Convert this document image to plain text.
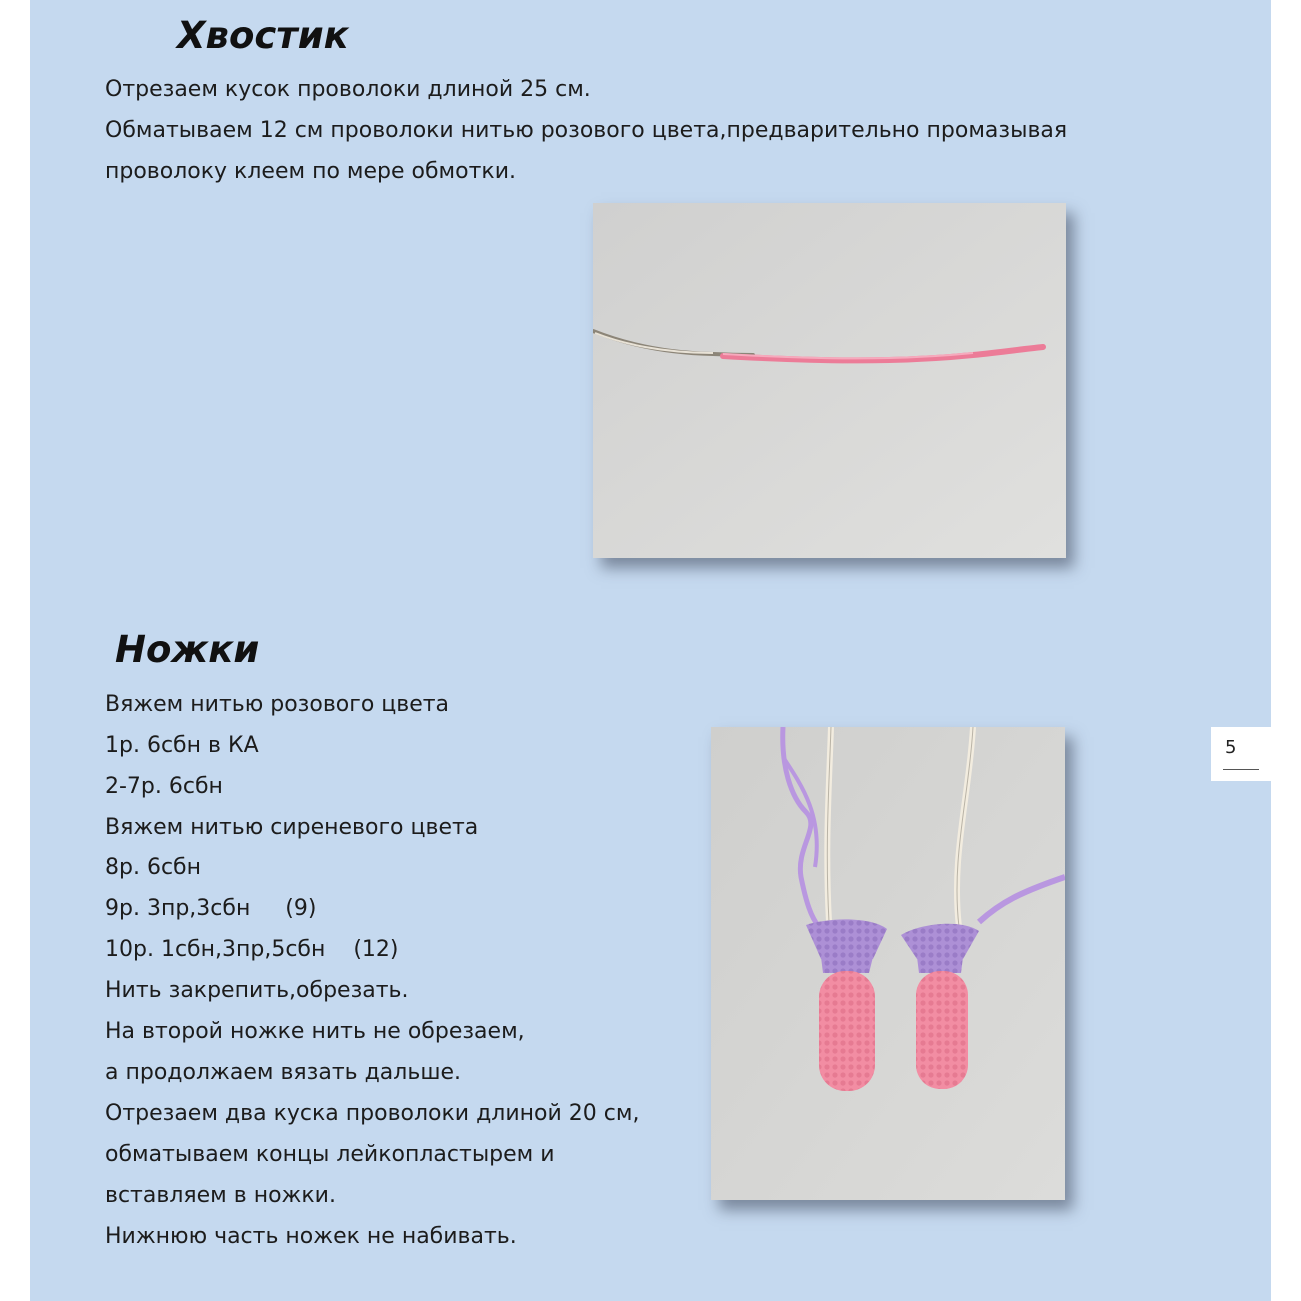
Хвостик

Отрезаем кусок проволоки длиной 25 см.

Обматываем 12 см проволоки нитью розового цвета,предварительно промазывая

проволоку клеем по мере обмотки.

Ножки

Вяжем нитью розового цвета

1р. 6сбн в КА

2-7р. 6сбн

Вяжем нитью сиреневого цвета

8р. 6сбн

9р. 3пр,3сбн     (9)

10р. 1сбн,3пр,5сбн    (12)

Нить закрепить,обрезать.

На второй ножке нить не обрезаем,

а продолжаем вязать дальше.

Отрезаем два куска проволоки длиной 20 см,

обматываем концы лейкопластырем и

вставляем в ножки.

Нижнюю часть ножек не набивать.

5
